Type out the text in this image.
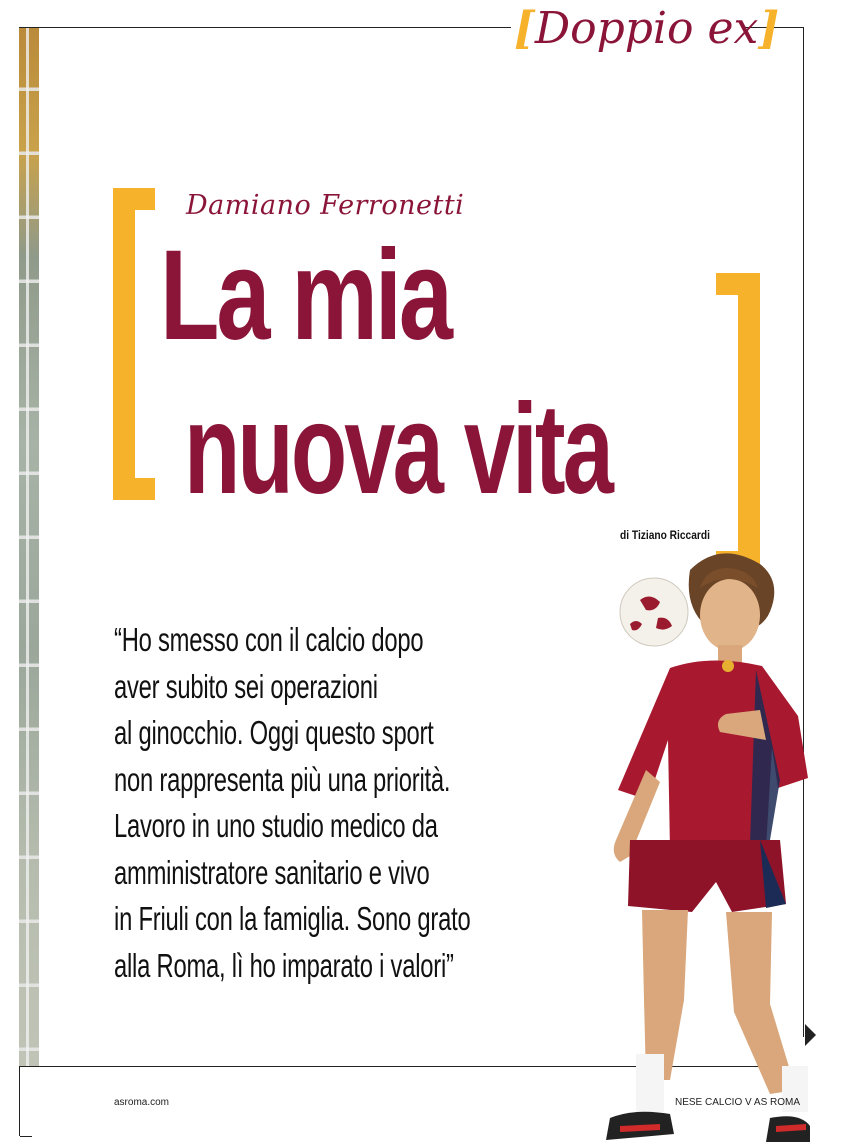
[Doppio ex]
Damiano Ferronetti
La mia
nuova vita
di Tiziano Riccardi
“Ho smesso con il calcio dopo
aver subito sei operazioni
al ginocchio. Oggi questo sport
non rappresenta più una priorità.
Lavoro in uno studio medico da
amministratore sanitario e vivo
in Friuli con la famiglia. Sono grato
alla Roma, lì ho imparato i valori”
asroma.com	NESE CALCIO V AS ROMA
